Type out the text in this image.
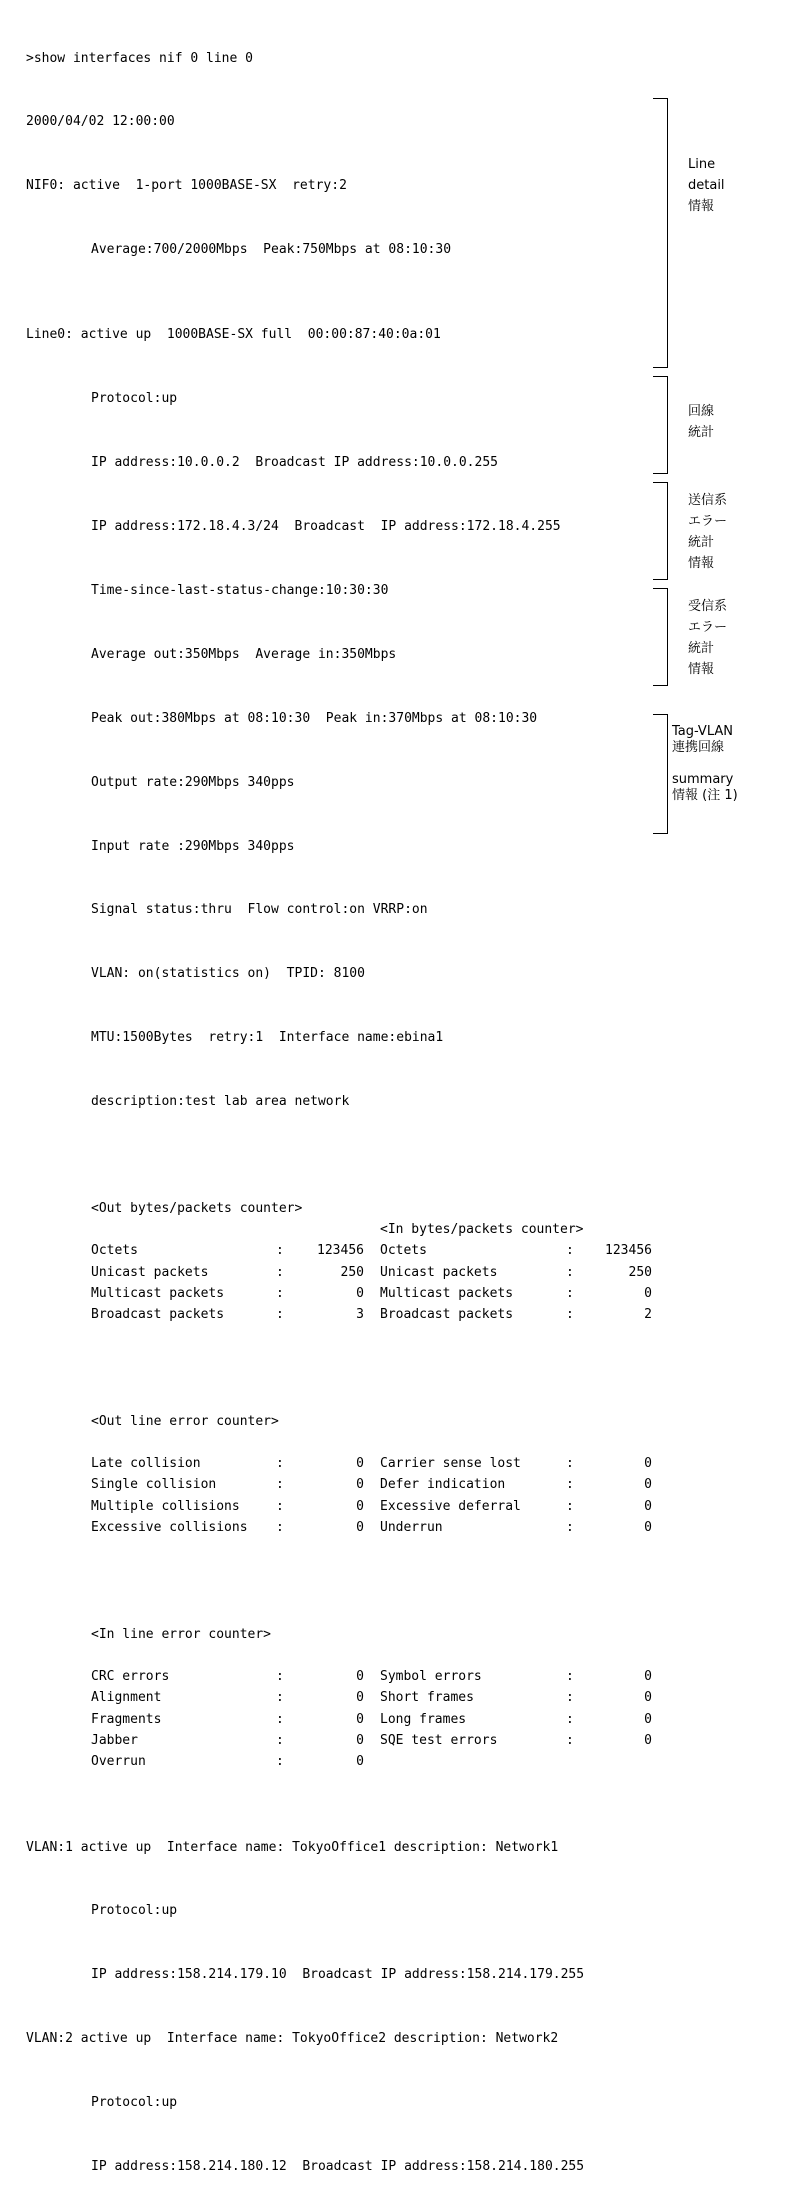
>show interfaces nif 0 line 0

2000/04/02 12:00:00

NIF0: active  1-port 1000BASE-SX  retry:2

Average:700/2000Mbps  Peak:750Mbps at 08:10:30

Line0: active up  1000BASE-SX full  00:00:87:40:0a:01

Protocol:up

IP address:10.0.0.2  Broadcast IP address:10.0.0.255

IP address:172.18.4.3/24  Broadcast  IP address:172.18.4.255

Time-since-last-status-change:10:30:30

Average out:350Mbps  Average in:350Mbps

Peak out:380Mbps at 08:10:30  Peak in:370Mbps at 08:10:30

Output rate:290Mbps 340pps

Input rate :290Mbps 340pps

Signal status:thru  Flow control:on VRRP:on

VLAN: on(statistics on)  TPID: 8100

MTU:1500Bytes  retry:1  Interface name:ebina1

description:test lab area network

<Out bytes/packets counter>

<In bytes/packets counter>

Octets	:	123456 Octets	:	123456
Unicast packets	:	250 Unicast packets	:	250
Multicast packets	:	0 Multicast packets	:	0
Broadcast packets	:	3 Broadcast packets	:	2

<Out line error counter>

Late collision	:	0 Carrier sense lost	:	0
Single collision	:	0 Defer indication	:	0
Multiple collisions	:	0 Excessive deferral	:	0
Excessive collisions :	0 Underrun	:	0

<In line error counter>

CRC errors	:	0 Symbol errors	:	0
Alignment	:	0 Short frames	:	0
Fragments	:	0 Long frames	:	0
Jabber	:	0 SQE test errors	:	0
Overrun	:	0

VLAN:1 active up  Interface name: TokyoOffice1 description: Network1

Protocol:up

IP address:158.214.179.10  Broadcast IP address:158.214.179.255

VLAN:2 active up  Interface name: TokyoOffice2 description: Network2

Protocol:up

IP address:158.214.180.12  Broadcast IP address:158.214.180.255

Line
detail
情報
回線
統計
送信系
エラー
統計
情報
受信系
エラー
統計
情報
Tag-VLAN
連携回線

summary
情報 (注 1)
